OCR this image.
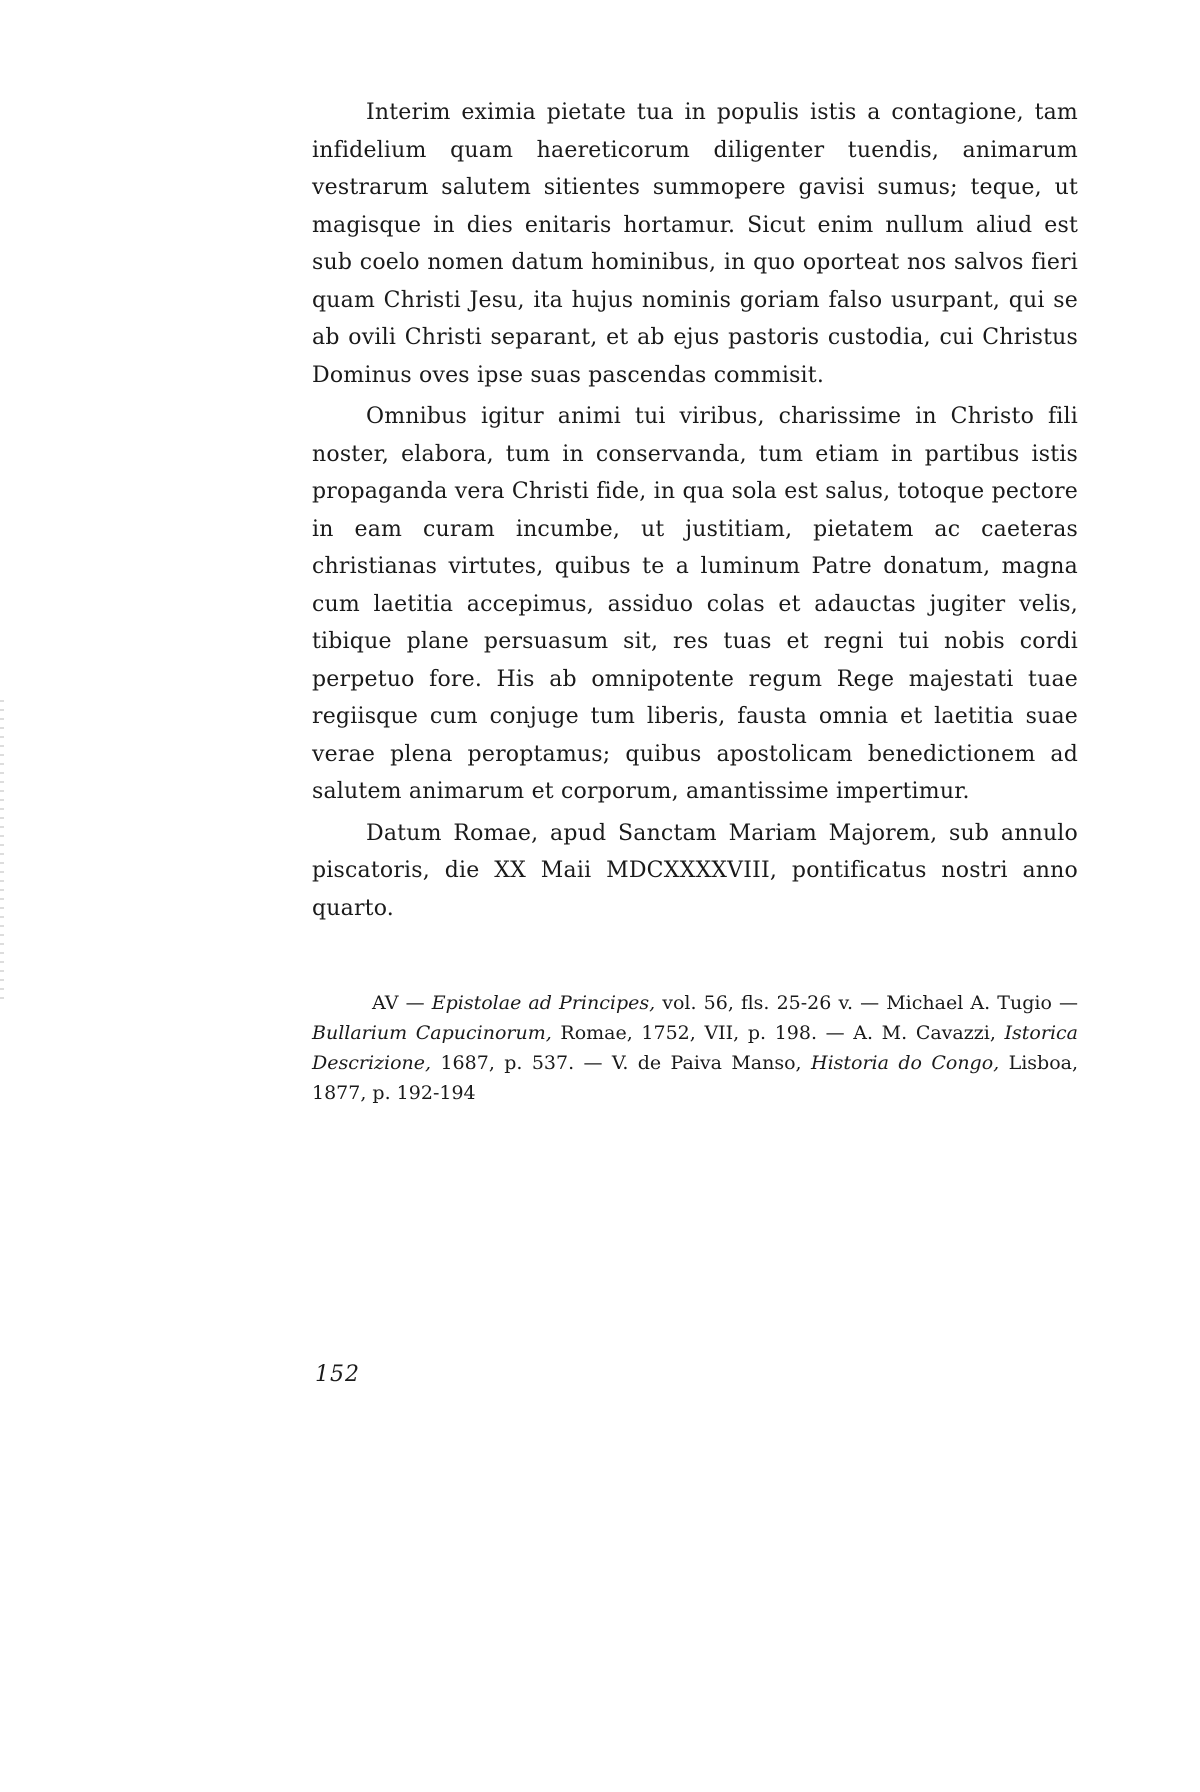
Interim eximia pietate tua in populis istis a contagione, tam infidelium quam haereticorum diligenter tuendis, animarum vestrarum salutem sitientes summopere gavisi sumus; teque, ut magisque in dies enitaris hortamur. Sicut enim nullum aliud est sub coelo nomen datum hominibus, in quo oporteat nos salvos fieri quam Christi Jesu, ita hujus nominis goriam falso usurpant, qui se ab ovili Christi separant, et ab ejus pastoris custodia, cui Christus Dominus oves ipse suas pascendas commisit.

Omnibus igitur animi tui viribus, charissime in Christo fili noster, elabora, tum in conservanda, tum etiam in partibus istis propaganda vera Christi fide, in qua sola est salus, totoque pectore in eam curam incumbe, ut justitiam, pietatem ac caeteras christianas virtutes, quibus te a luminum Patre donatum, magna cum laetitia accepimus, assiduo colas et adauctas jugiter velis, tibique plane persuasum sit, res tuas et regni tui nobis cordi perpetuo fore. His ab omnipotente regum Rege majestati tuae regiisque cum conjuge tum liberis, fausta omnia et laetitia suae verae plena peroptamus; quibus apostolicam benedictionem ad salutem animarum et corporum, amantissime impertimur.

Datum Romae, apud Sanctam Mariam Majorem, sub annulo piscatoris, die XX Maii MDCXXXXVIII, pontificatus nostri anno quarto.

AV — Epistolae ad Principes, vol. 56, fls. 25-26 v. — Michael A. Tugio — Bullarium Capucinorum, Romae, 1752, VII, p. 198. — A. M. Cavazzi, Istorica Descrizione, 1687, p. 537. — V. de Paiva Manso, Historia do Congo, Lisboa, 1877, p. 192-194

152
